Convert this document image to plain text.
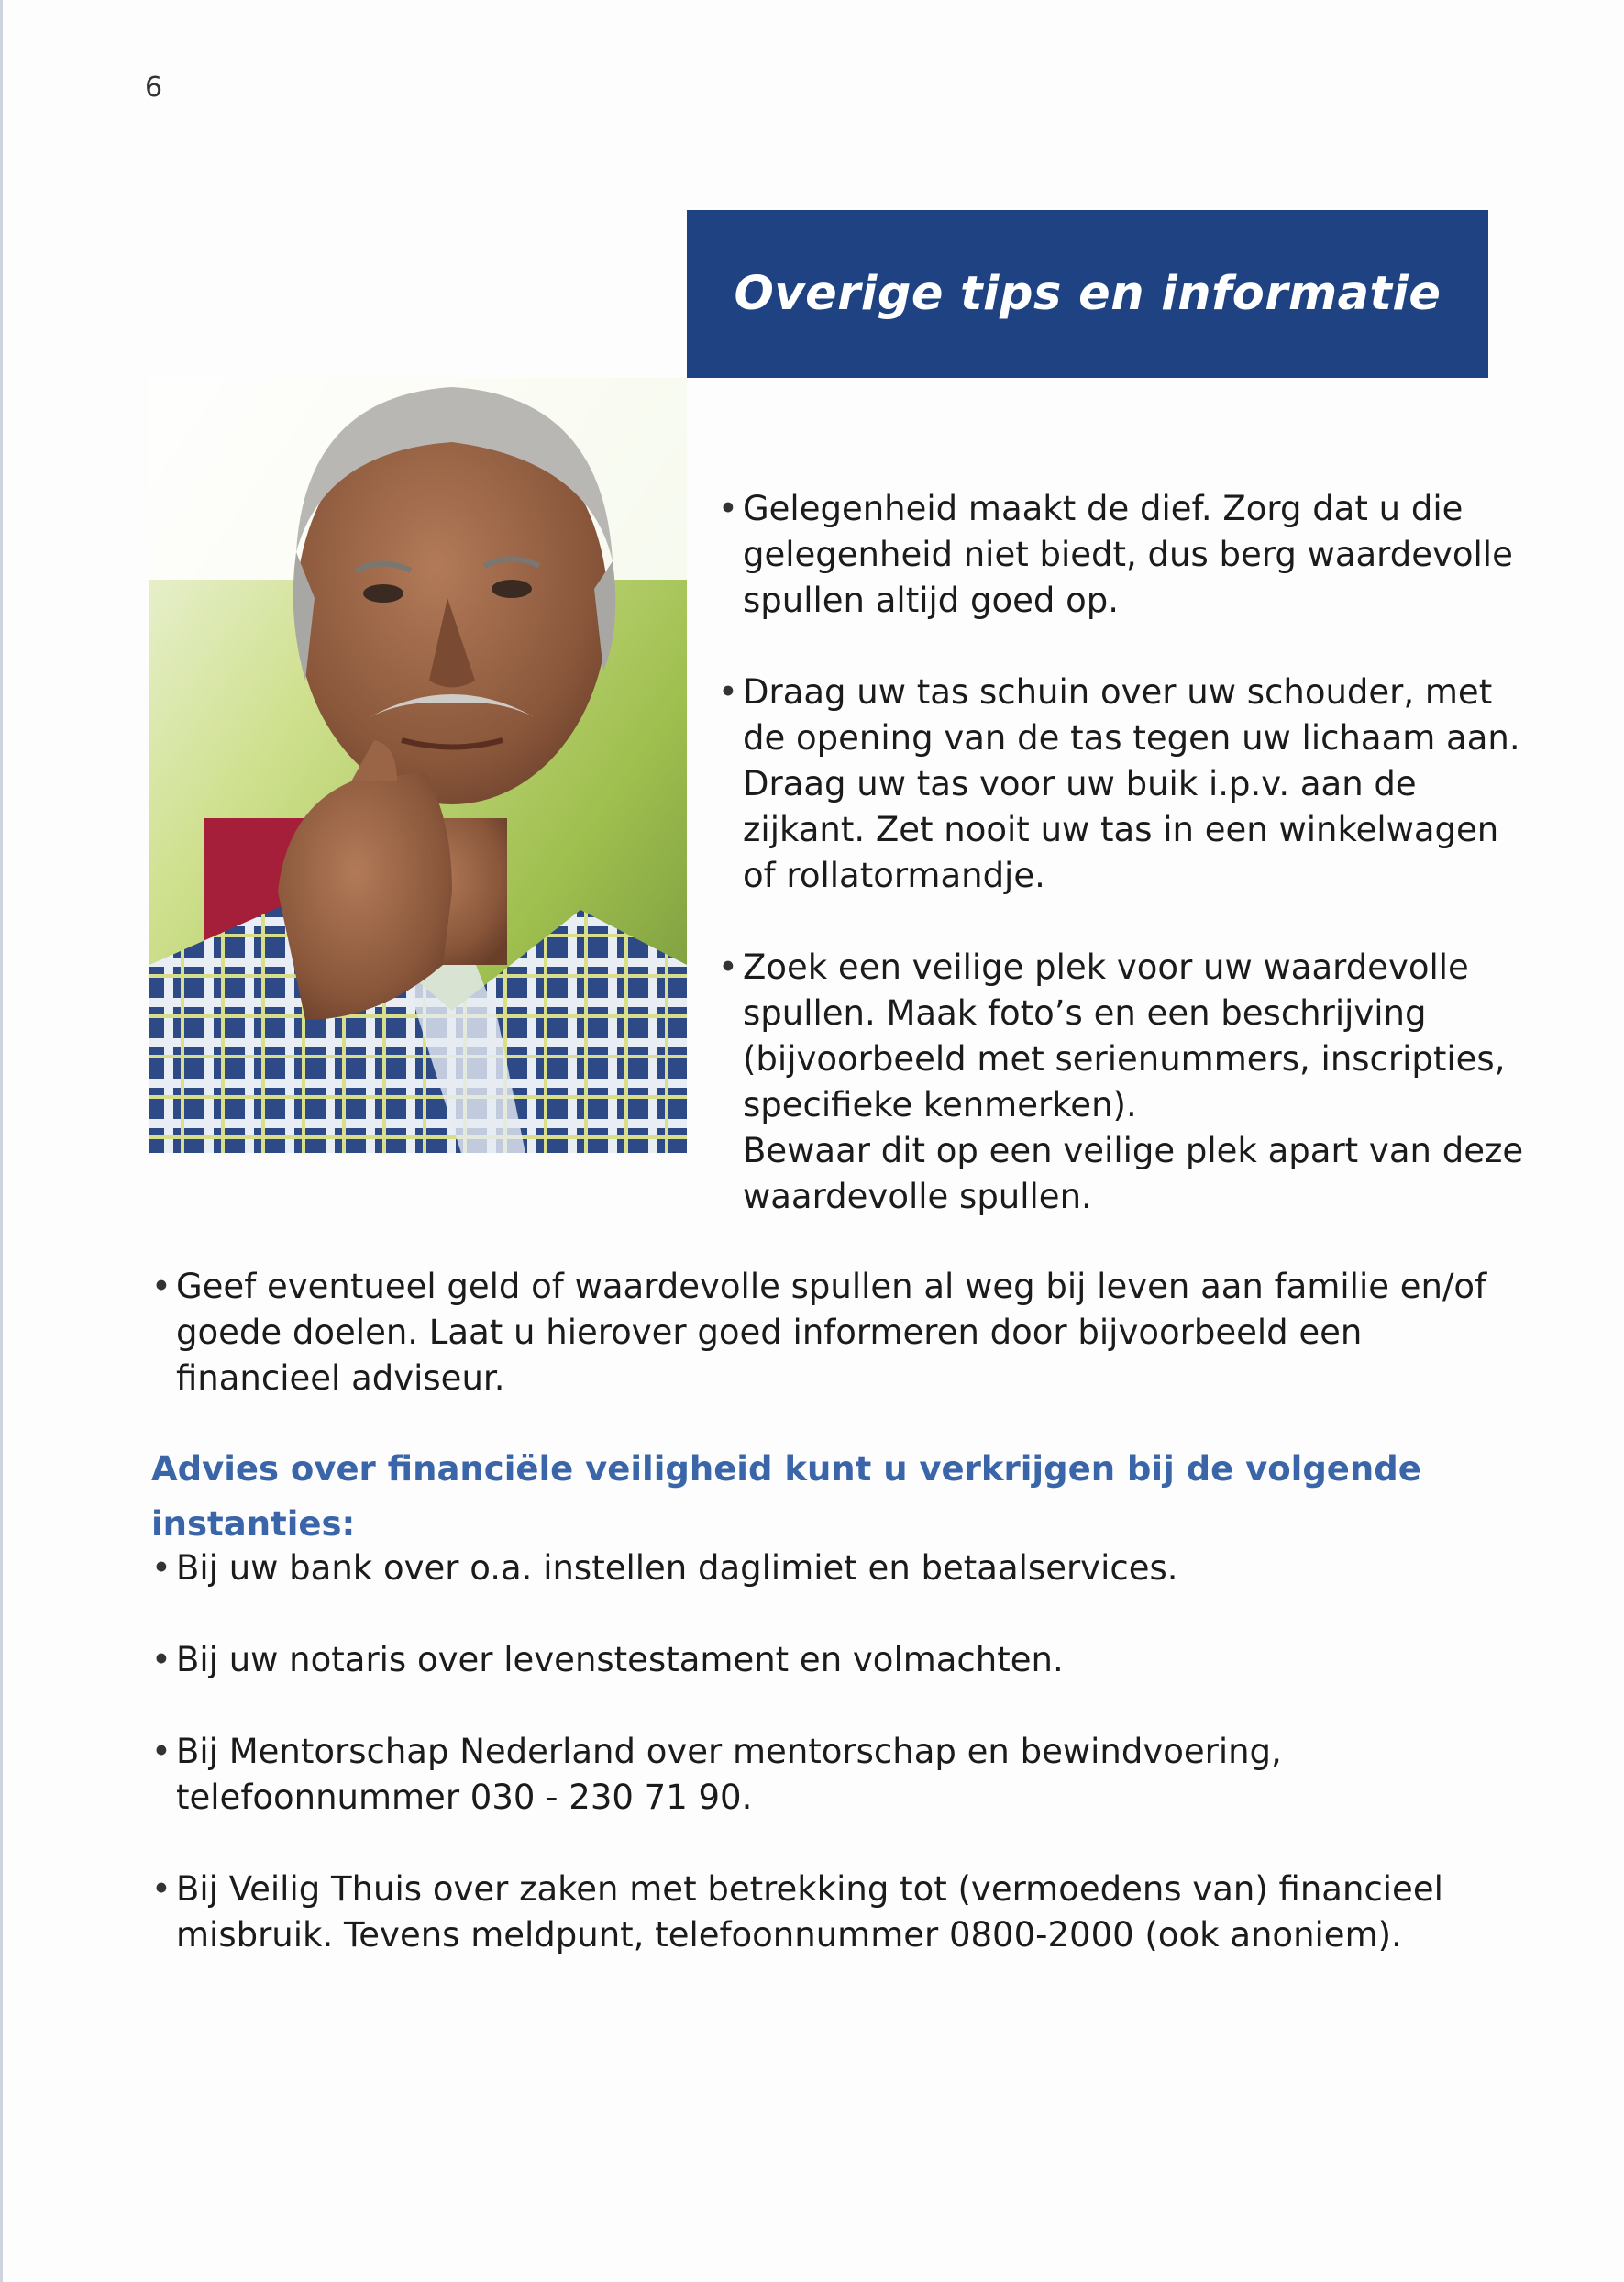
6
Overige tips en informatie
• Gelegenheid maakt de dief. Zorg dat u die gelegenheid niet biedt, dus berg waardevolle spullen altijd goed op.
• Draag uw tas schuin over uw schouder, met de opening van de tas tegen uw lichaam aan. Draag uw tas voor uw buik i.p.v. aan de zijkant. Zet nooit uw tas in een winkelwagen of rollatormandje.
• Zoek een veilige plek voor uw waardevolle spullen. Maak foto’s en een beschrijving (bijvoorbeeld met serienummers, inscripties, specifieke kenmerken).
Bewaar dit op een veilige plek apart van deze waardevolle spullen.
• Geef eventueel geld of waardevolle spullen al weg bij leven aan familie en/of goede doelen. Laat u hierover goed informeren door bijvoorbeeld een financieel adviseur.
Advies over financiële veiligheid kunt u verkrijgen bij de volgende instanties:
• Bij uw bank over o.a. instellen daglimiet en betaalservices.
• Bij uw notaris over levenstestament en volmachten.
• Bij Mentorschap Nederland over mentorschap en bewindvoering, telefoonnummer 030 - 230 71 90.
• Bij Veilig Thuis over zaken met betrekking tot (vermoedens van) financieel misbruik. Tevens meldpunt, telefoonnummer 0800-2000 (ook anoniem).
